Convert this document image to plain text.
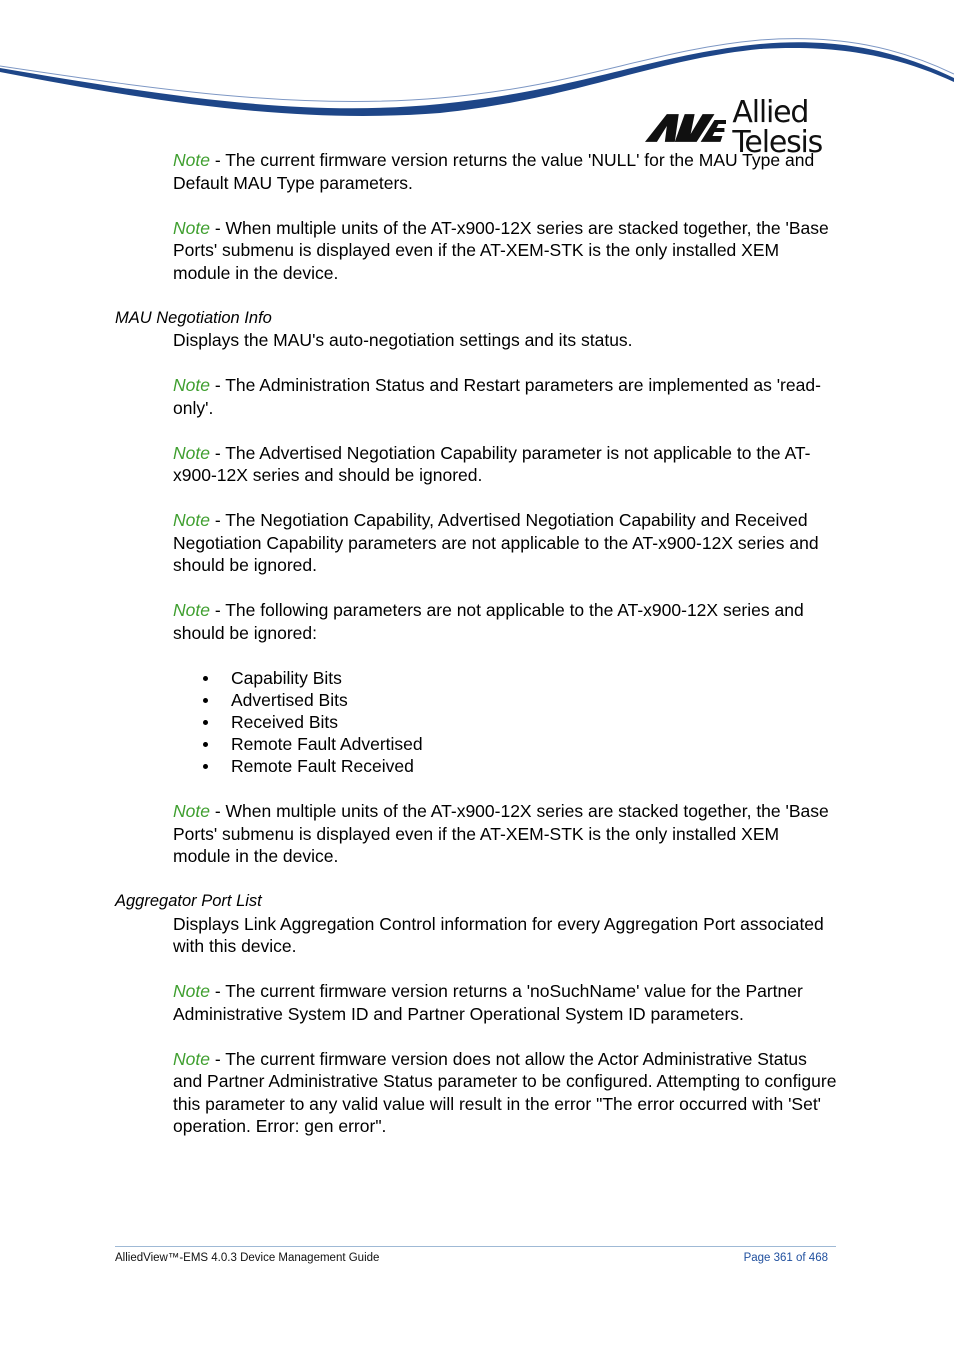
Allied Telesis

Note - The current firmware version returns the value 'NULL' for the MAU Type and Default MAU Type parameters.

Note - When multiple units of the AT-x900-12X series are stacked together, the 'Base Ports' submenu is displayed even if the AT-XEM-STK is the only installed XEM module in the device.

MAU Negotiation Info

Displays the MAU's auto-negotiation settings and its status.

Note - The Administration Status and Restart parameters are implemented as 'read-only'.

Note - The Advertised Negotiation Capability parameter is not applicable to the AT-x900-12X series and should be ignored.

Note - The Negotiation Capability, Advertised Negotiation Capability and Received Negotiation Capability parameters are not applicable to the AT-x900-12X series and should be ignored.

Note - The following parameters are not applicable to the AT-x900-12X series and should be ignored:

Capability Bits
Advertised Bits
Received Bits
Remote Fault Advertised
Remote Fault Received

Note - When multiple units of the AT-x900-12X series are stacked together, the 'Base Ports' submenu is displayed even if the AT-XEM-STK is the only installed XEM module in the device.

Aggregator Port List

Displays Link Aggregation Control information for every Aggregation Port associated with this device.

Note - The current firmware version returns a 'noSuchName' value for the Partner Administrative System ID and Partner Operational System ID parameters.

Note - The current firmware version does not allow the Actor Administrative Status and Partner Administrative Status parameter to be configured. Attempting to configure this parameter to any valid value will result in the error "The error occurred with 'Set' operation. Error: gen error".

AlliedView™-EMS 4.0.3 Device Management Guide	Page 361 of 468
